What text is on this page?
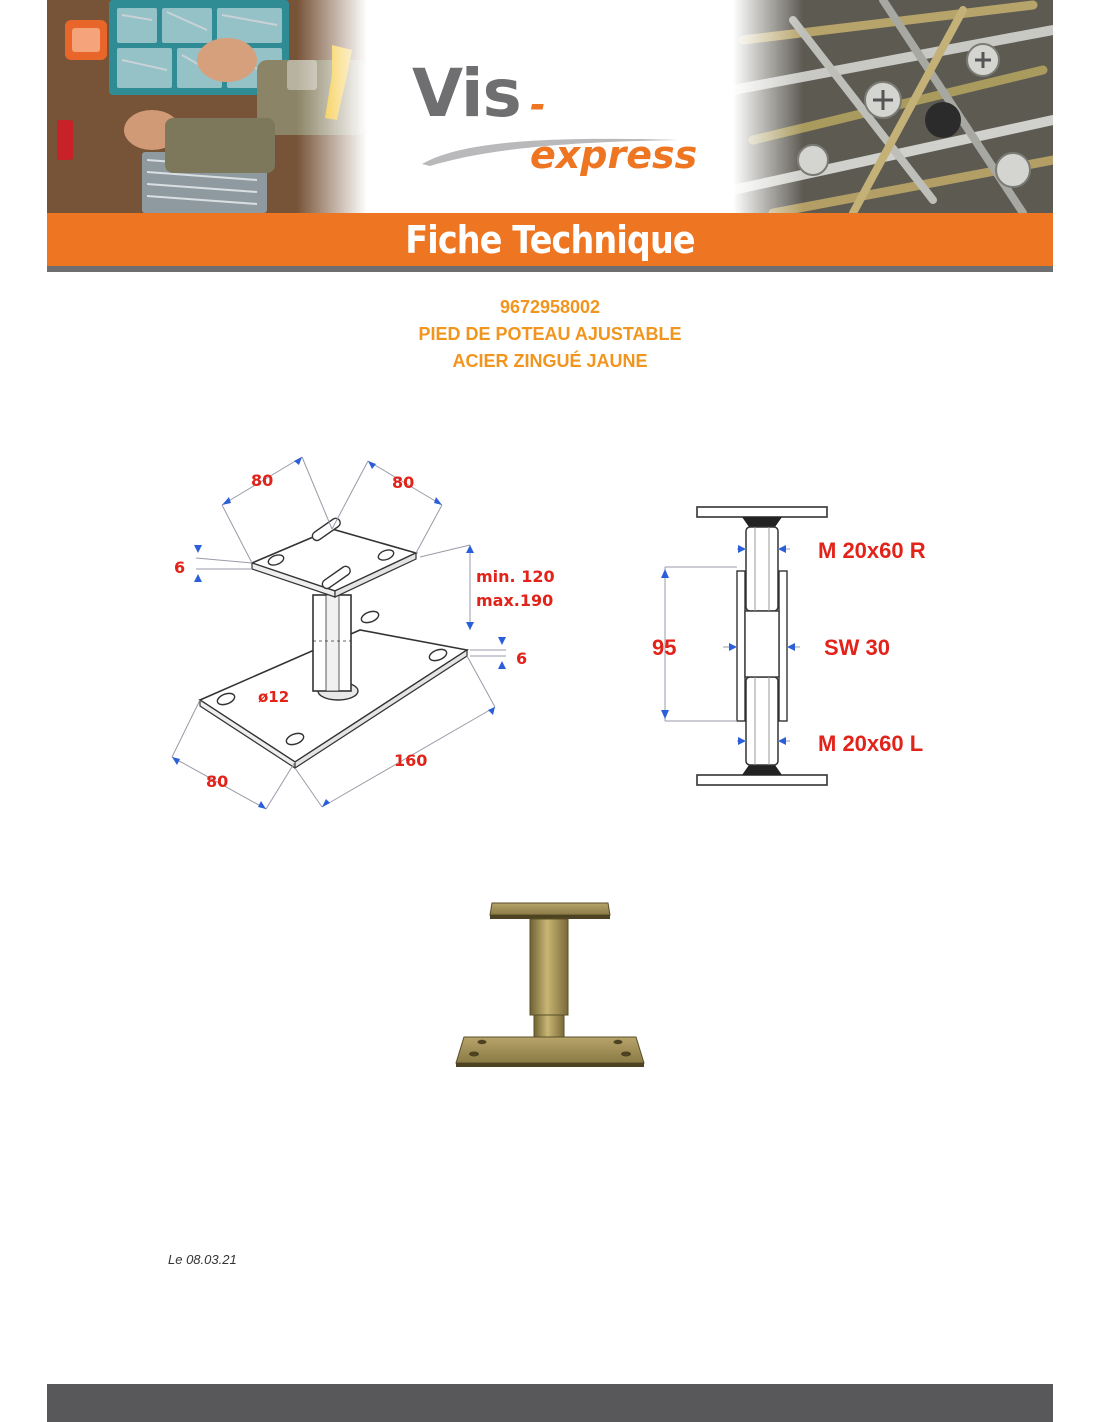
Vis -express
Fiche Technique
9672958002
PIED DE POTEAU AJUSTABLE
ACIER ZINGUÉ JAUNE
80	80
6	min. 120
max.190
6
ø12
80
160
M 20x60 R
SW 30
M 20x60 L
95
Le 08.03.21
